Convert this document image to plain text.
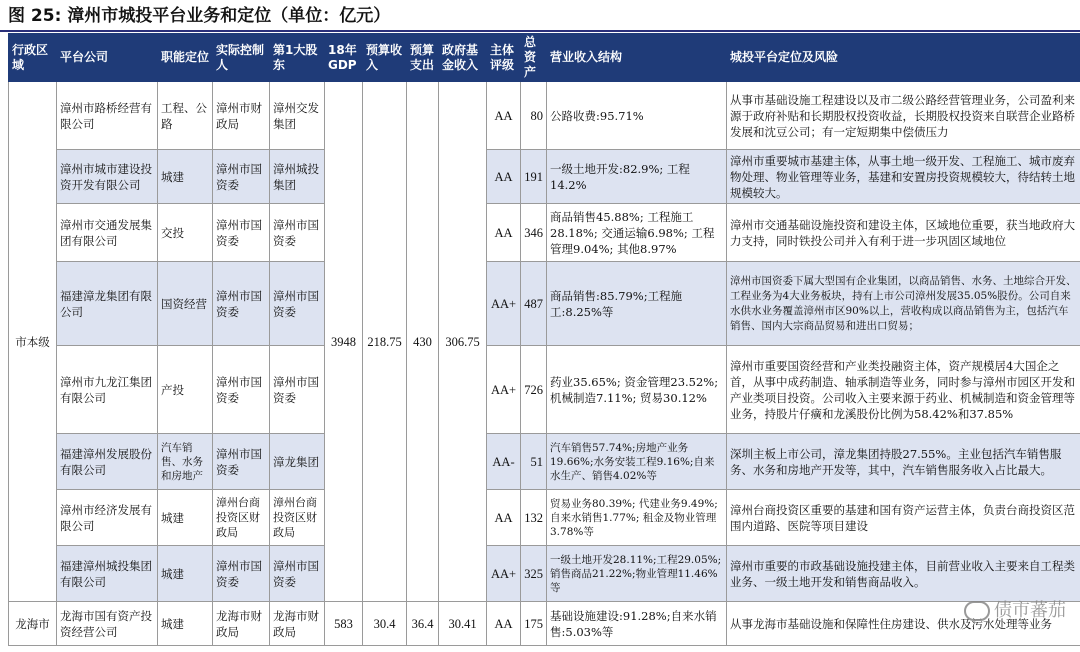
图 25: 漳州市城投平台业务和定位（单位：亿元）
行政区域	平台公司	职能定位	实际控制人	第1大股东	18年GDP	预算收入	预算支出	政府基金收入	主体评级	总资产	营业收入结构	城投平台定位及风险
市本级	漳州市路桥经营有限公司	工程、公路	漳州市财政局	漳州交发集团	3948	218.75	430	306.75	AA	80	公路收费:95.71%	从事市基础设施工程建设以及市二级公路经营管理业务，公司盈利来源于政府补贴和长期股权投资收益，长期股权投资来自联营企业路桥发展和沈豆公司；有一定短期集中偿债压力
	漳州市城市建设投资开发有限公司	城建	漳州市国资委	漳州城投集团					AA	191	一级土地开发:82.9%; 工程14.2%	漳州市重要城市基建主体，从事土地一级开发、工程施工、城市废弃物处理、物业管理等业务，基建和安置房投资规模较大，待结转土地规模较大。
	漳州市交通发展集团有限公司	交投	漳州市国资委	漳州市国资委					AA	346	商品销售45.88%; 工程施工28.18%; 交通运输6.98%; 工程管理9.04%; 其他8.97%	漳州市交通基础设施投资和建设主体，区域地位重要，获当地政府大力支持，同时铁投公司并入有利于进一步巩固区域地位
	福建漳龙集团有限公司	国资经营	漳州市国资委	漳州市国资委					AA+	487	商品销售:85.79%;工程施工:8.25%等	漳州市国资委下属大型国有企业集团，以商品销售、水务、土地综合开发、工程业务为4大业务板块，持有上市公司漳州发展35.05%股份。公司自来水供水业务覆盖漳州市区90%以上，营收构成以商品销售为主，包括汽车销售、国内大宗商品贸易和进出口贸易；
	漳州市九龙江集团有限公司	产投	漳州市国资委	漳州市国资委					AA+	726	药业35.65%; 资金管理23.52%; 机械制造7.11%; 贸易30.12%	漳州市重要国资经营和产业类投融资主体，资产规模居4大国企之首，从事中成药制造、轴承制造等业务，同时参与漳州市园区开发和产业类项目投资。公司收入主要来源于药业、机械制造和资金管理等业务，持股片仔癀和龙溪股份比例为58.42%和37.85%
	福建漳州发展股份有限公司	汽车销售、水务和房地产	漳州市国资委	漳龙集团					AA-	51	汽车销售57.74%;房地产业务19.66%;水务安装工程9.16%;自来水生产、销售4.02%等	深圳主板上市公司，漳龙集团持股27.55%。主业包括汽车销售服务、水务和房地产开发等，其中，汽车销售服务收入占比最大。
	漳州市经济发展有限公司	城建	漳州台商投资区财政局	漳州台商投资区财政局					AA	132	贸易业务80.39%; 代建业务9.49%; 自来水销售1.77%; 租金及物业管理3.78%等	漳州台商投资区重要的基建和国有资产运营主体，负责台商投资区范围内道路、医院等项目建设
	福建漳州城投集团有限公司	城建	漳州市国资委	漳州市国资委					AA+	325	一级土地开发28.11%;工程29.05%;销售商品21.22%;物业管理11.46%等	漳州市重要的市政基础设施投建主体，目前营业收入主要来自工程类业务、一级土地开发和销售商品收入。
龙海市	龙海市国有资产投资经营公司	城建	龙海市财政局	龙海市财政局	583	30.4	36.4	30.41	AA	175	基础设施建设:91.28%;自来水销售:5.03%等	从事龙海市基础设施和保障性住房建设、供水及污水处理等业务
债市蕃茄
